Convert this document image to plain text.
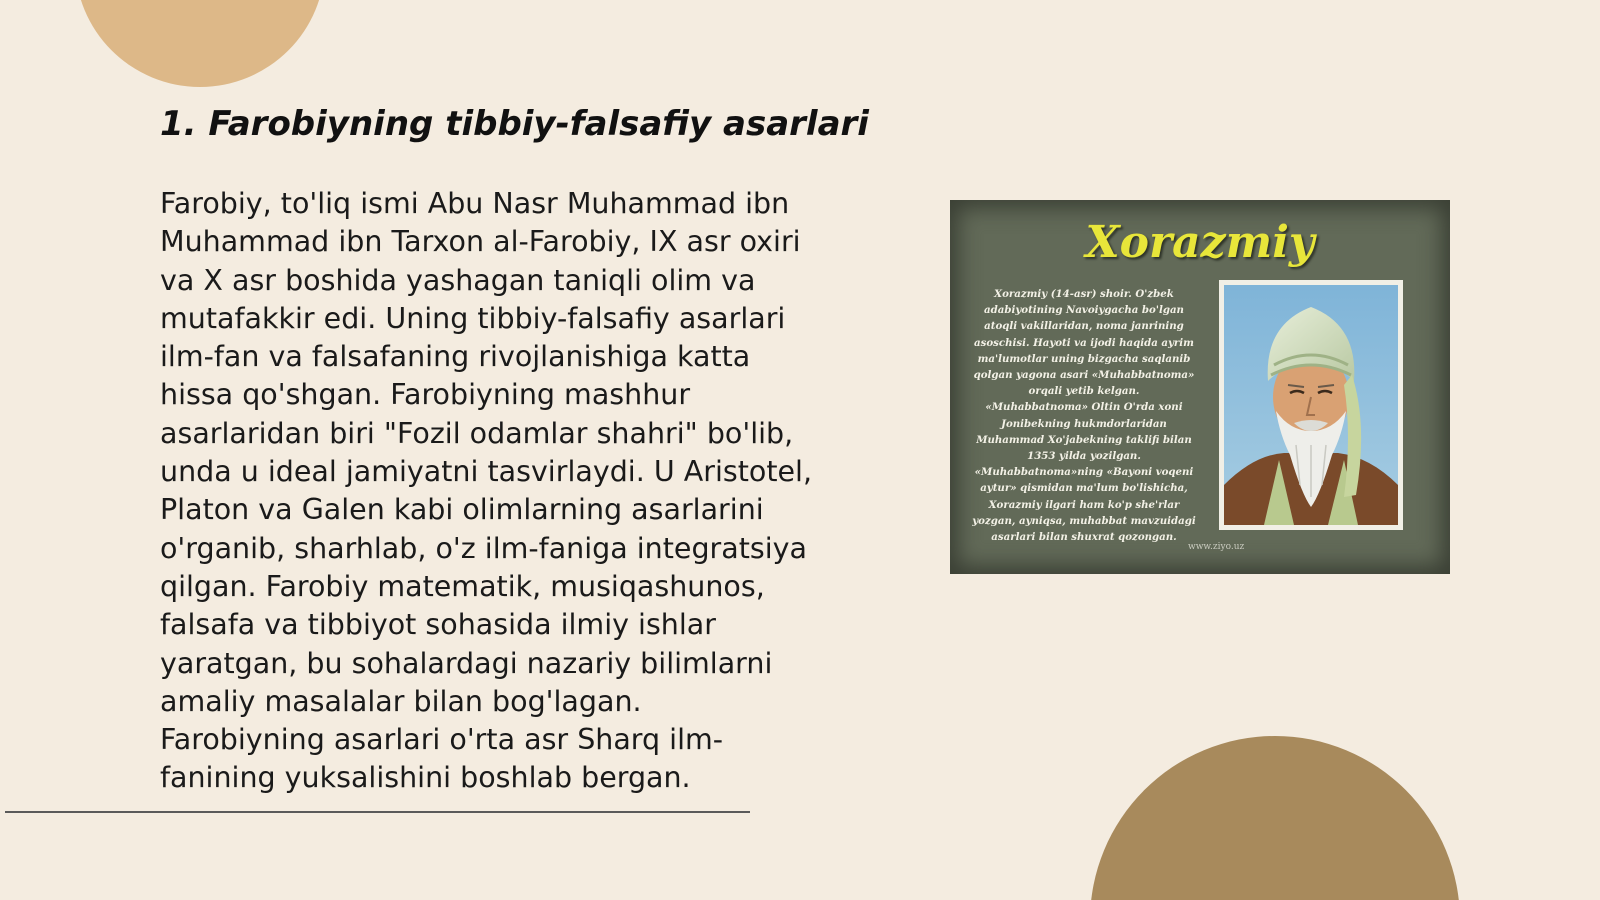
1. Farobiyning tibbiy-falsafiy asarlari
Farobiy, to'liq ismi Abu Nasr Muhammad ibn
Muhammad ibn Tarxon al-Farobiy, IX asr oxiri
va X asr boshida yashagan taniqli olim va
mutafakkir edi. Uning tibbiy-falsafiy asarlari
ilm-fan va falsafaning rivojlanishiga katta
hissa qo'shgan. Farobiyning mashhur
asarlaridan biri "Fozil odamlar shahri" bo'lib,
unda u ideal jamiyatni tasvirlaydi. U Aristotel,
Platon va Galen kabi olimlarning asarlarini
o'rganib, sharhlab, o'z ilm-faniga integratsiya
qilgan. Farobiy matematik, musiqashunos,
falsafa va tibbiyot sohasida ilmiy ishlar
yaratgan, bu sohalardagi nazariy bilimlarni
amaliy masalalar bilan bog'lagan.
Farobiyning asarlari o'rta asr Sharq ilm-
fanining yuksalishini boshlab bergan.
Xorazmiy
Xorazmiy (14-asr) shoir. O'zbek
adabiyotining Navoiygacha bo'lgan
atoqli vakillaridan, noma janrining
asoschisi. Hayoti va ijodi haqida ayrim
ma'lumotlar uning bizgacha saqlanib
qolgan yagona asari «Muhabbatnoma»
orqali yetib kelgan.
«Muhabbatnoma» Oltin O'rda xoni
Jonibekning hukmdorlaridan
Muhammad Xo'jabekning taklifi bilan
1353 yilda yozilgan.
«Muhabbatnoma»ning «Bayoni voqeni
aytur» qismidan ma'lum bo'lishicha,
Xorazmiy ilgari ham ko'p she'rlar
yozgan, ayniqsa, muhabbat mavzuidagi
asarlari bilan shuxrat qozongan.
www.ziyo.uz
